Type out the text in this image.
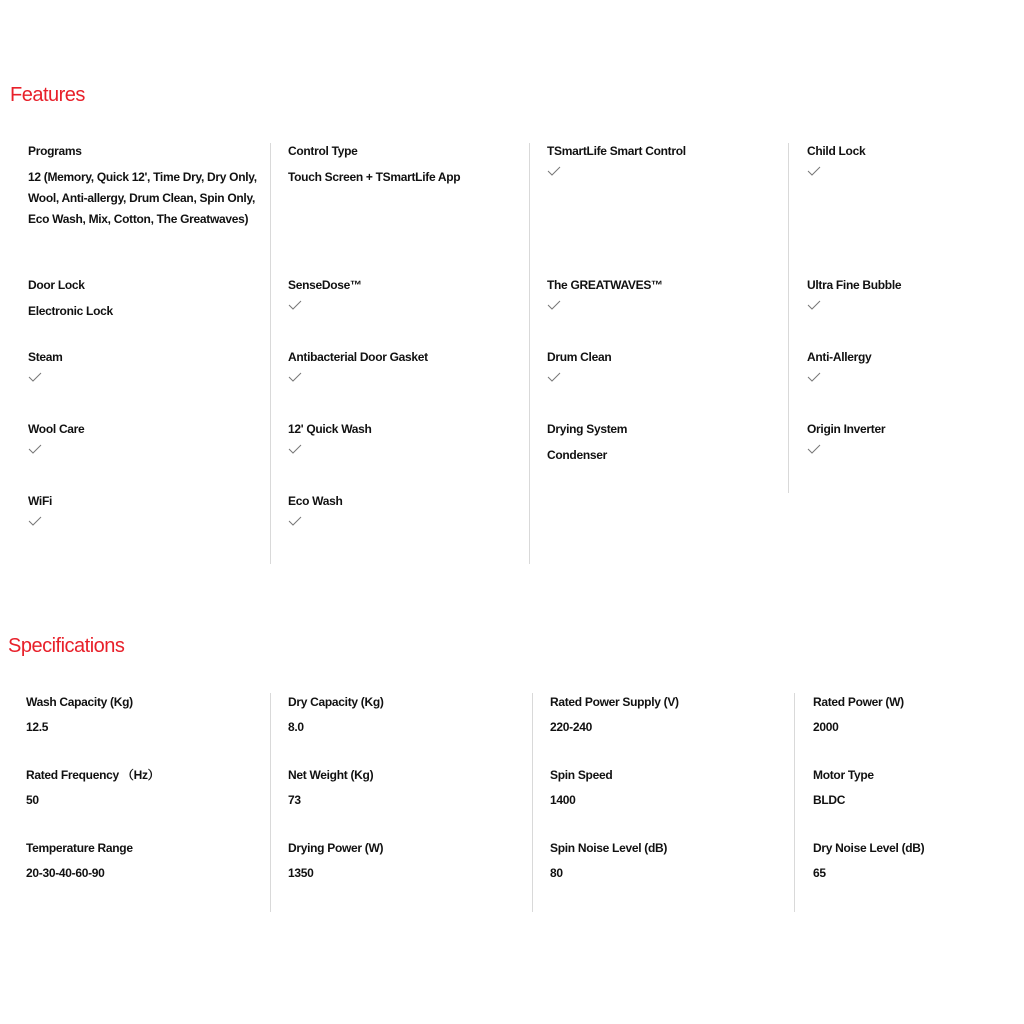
Features
Programs
12 (Memory, Quick 12', Time Dry, Dry Only, Wool, Anti-allergy, Drum Clean, Spin Only, Eco Wash, Mix, Cotton, The Greatwaves)
Door Lock
Electronic Lock
Steam
Wool Care
WiFi
Control Type
Touch Screen + TSmartLife App
SenseDose™
Antibacterial Door Gasket
12' Quick Wash
Eco Wash
TSmartLife Smart Control
The GREATWAVES™
Drum Clean
Drying System
Condenser
Child Lock
Ultra Fine Bubble
Anti-Allergy
Origin Inverter
Specifications
Wash Capacity (Kg)
12.5
Rated Frequency （Hz）
50
Temperature Range
20-30-40-60-90
Dry Capacity (Kg)
8.0
Net Weight (Kg)
73
Drying Power (W)
1350
Rated Power Supply (V)
220-240
Spin Speed
1400
Spin Noise Level (dB)
80
Rated Power (W)
2000
Motor Type
BLDC
Dry Noise Level (dB)
65
